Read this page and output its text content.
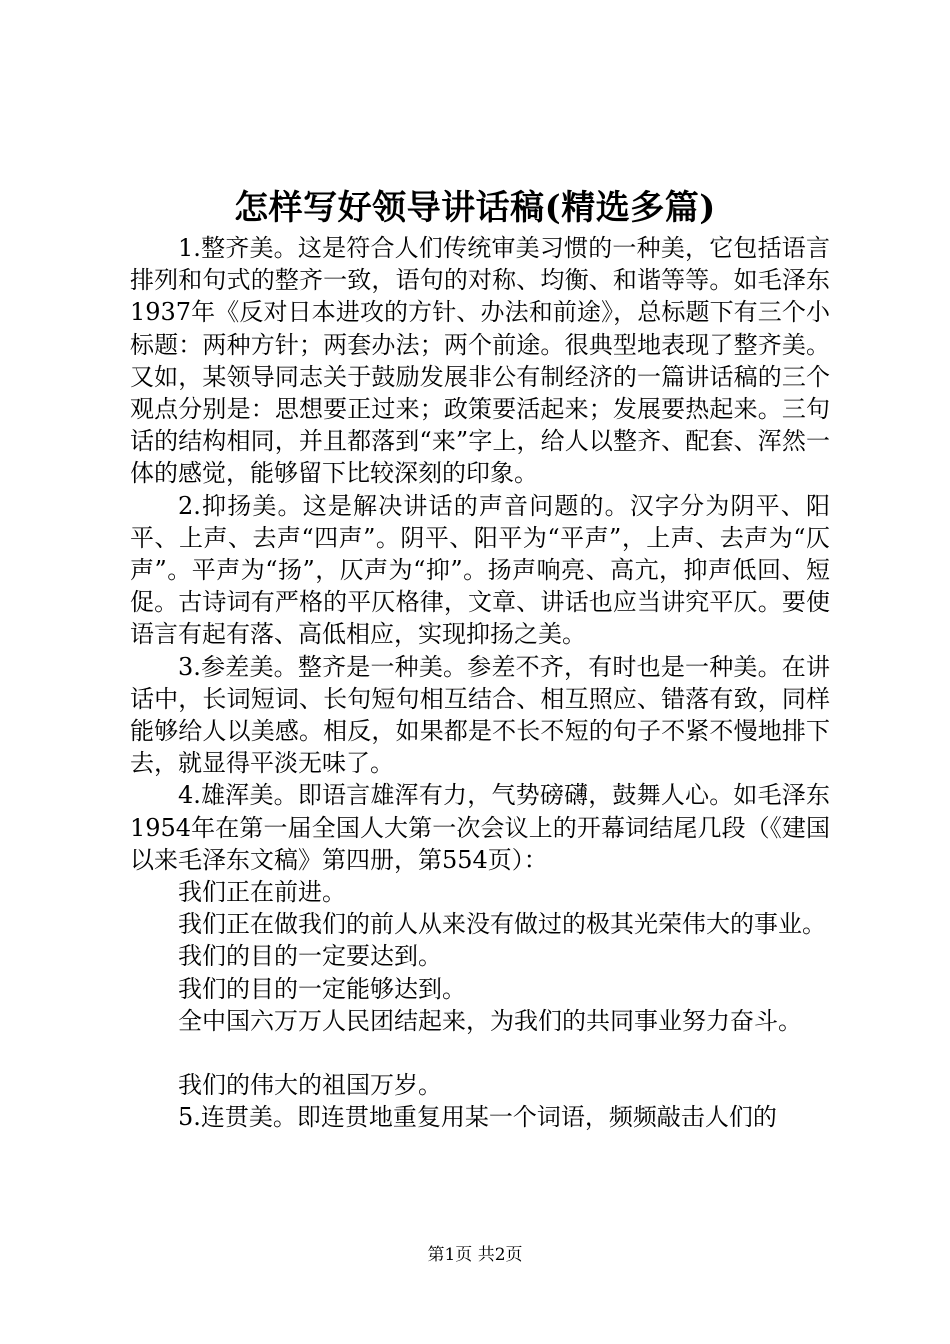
怎样写好领导讲话稿(精选多篇)

1.整齐美。这是符合人们传统审美习惯的一种美，它包括语言排列和句式的整齐一致，语句的对称、均衡、和谐等等。如毛泽东1937年《反对日本进攻的方针、办法和前途》，总标题下有三个小标题：两种方针；两套办法；两个前途。很典型地表现了整齐美。又如，某领导同志关于鼓励发展非公有制经济的一篇讲话稿的三个观点分别是：思想要正过来；政策要活起来；发展要热起来。三句话的结构相同，并且都落到“来”字上，给人以整齐、配套、浑然一体的感觉，能够留下比较深刻的印象。

2.抑扬美。这是解决讲话的声音问题的。汉字分为阴平、阳平、上声、去声“四声”。阴平、阳平为“平声”，上声、去声为“仄声”。平声为“扬”，仄声为“抑”。扬声响亮、高亢，抑声低回、短促。古诗词有严格的平仄格律，文章、讲话也应当讲究平仄。要使语言有起有落、高低相应，实现抑扬之美。

3.参差美。整齐是一种美。参差不齐，有时也是一种美。在讲话中，长词短词、长句短句相互结合、相互照应、错落有致，同样能够给人以美感。相反，如果都是不长不短的句子不紧不慢地排下去，就显得平淡无味了。

4.雄浑美。即语言雄浑有力，气势磅礴，鼓舞人心。如毛泽东1954年在第一届全国人大第一次会议上的开幕词结尾几段（《建国以来毛泽东文稿》第四册，第554页）：

我们正在前进。

我们正在做我们的前人从来没有做过的极其光荣伟大的事业。

我们的目的一定要达到。

我们的目的一定能够达到。

全中国六万万人民团结起来，为我们的共同事业努力奋斗。

我们的伟大的祖国万岁。

5.连贯美。即连贯地重复用某一个词语，频频敲击人们的

第1页 共2页
